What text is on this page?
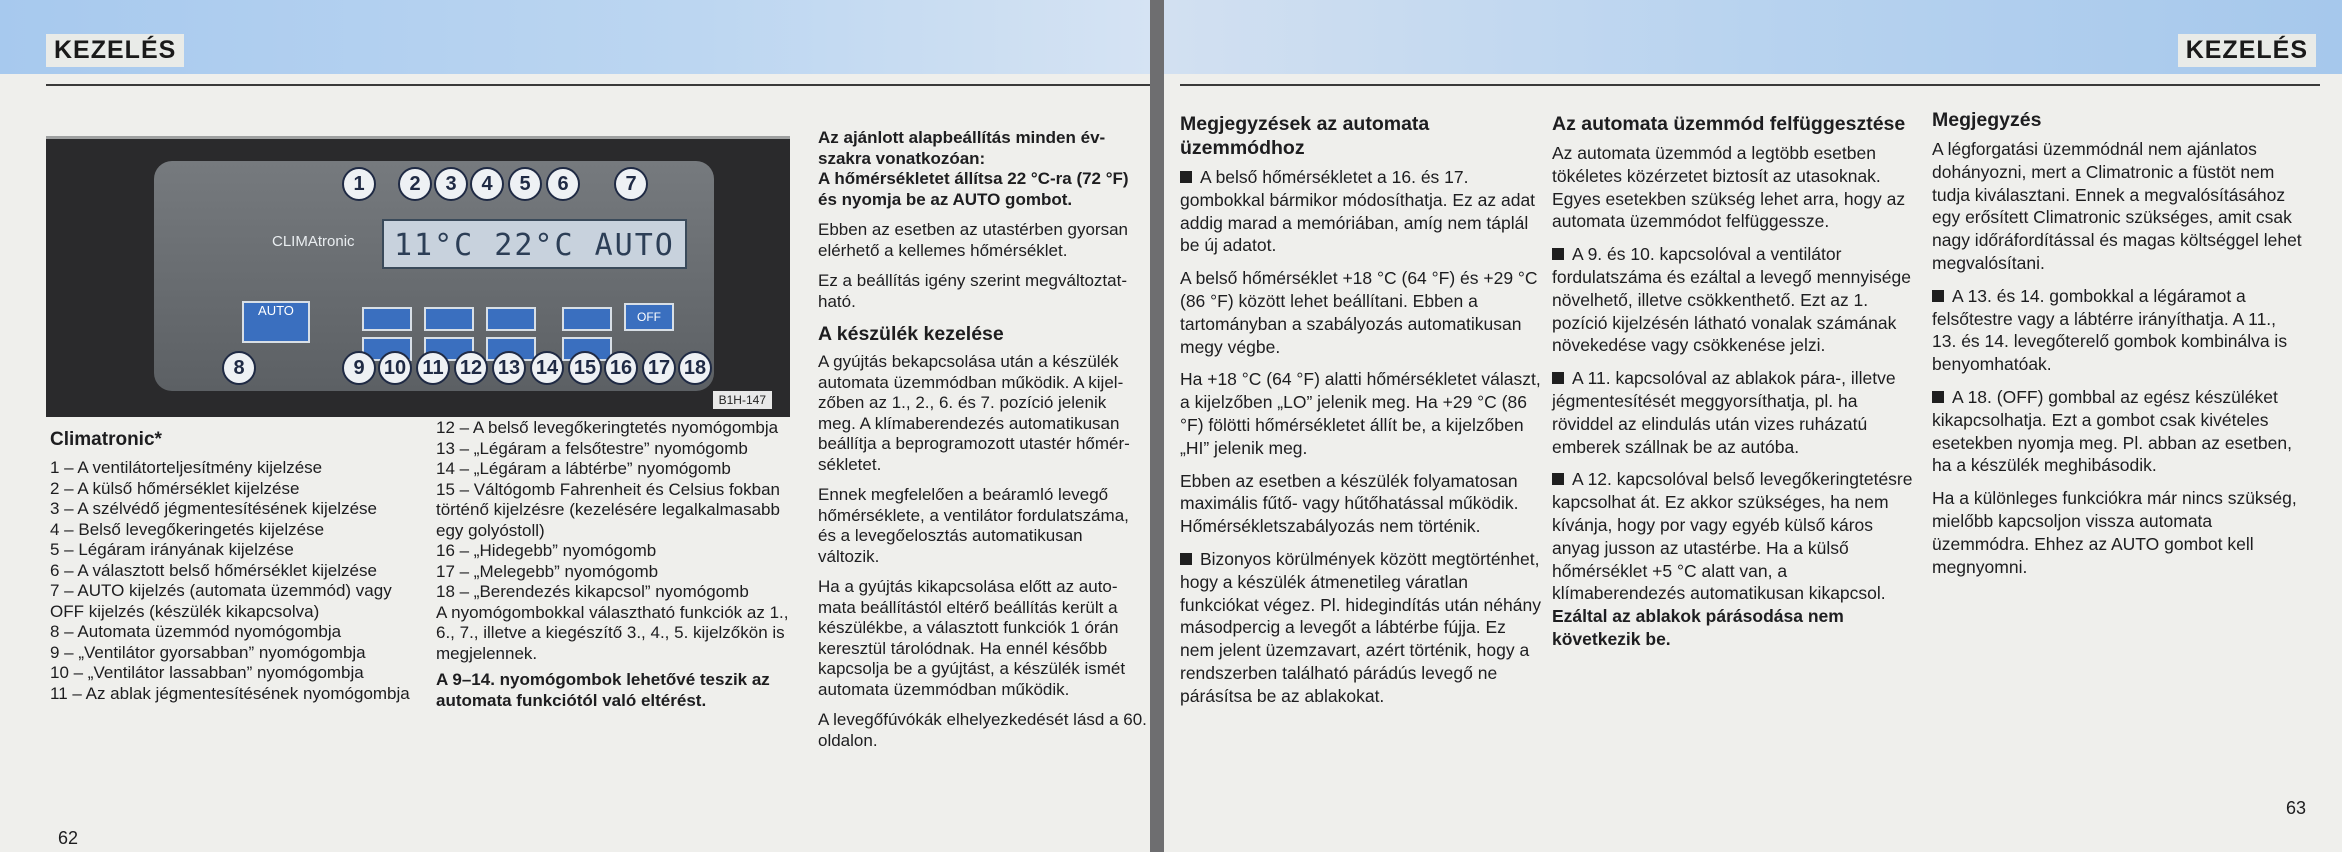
KEZELÉS
CLIMAtronic	11°C 22°C AUTO
AUTO	OFF
1	2	3	4	5	6	7
8	9 10 11 12 13 14 15 16 17 18
B1H-147
Climatronic*
1 – A ventilátorteljesítmény kijelzése
2 – A külső hőmérséklet kijelzése
3 – A szélvédő jégmentesítésének kijelzése
4 – Belső levegőkeringetés kijelzése
5 – Légáram irányának kijelzése
6 – A választott belső hőmérséklet kijelzése
7 – AUTO kijelzés (automata üzemmód) vagy OFF kijelzés (készülék kikapcsolva)
8 – Automata üzemmód nyomógombja
9 – „Ventilátor gyorsabban” nyomógombja
10 – „Ventilátor lassabban” nyomógombja
11 – Az ablak jégmentesítésének nyomógombja
12 – A belső levegőkeringtetés nyomógombja
13 – „Légáram a felsőtestre” nyomógomb
14 – „Légáram a lábtérbe” nyomógomb
15 – Váltógomb Fahrenheit és Celsius fokban történő kijelzésre (kezelésére legalkalmasabb egy golyóstoll)
16 – „Hidegebb” nyomógomb
17 – „Melegebb” nyomógomb
18 – „Berendezés kikapcsol” nyomógomb

A nyomógombokkal választható funkciók az 1., 6., 7., illetve a kiegészítő 3., 4., 5. kijelzőkön is megjelennek.

A 9–14. nyomógombok lehetővé teszik az automata funkciótól való eltérést.

Az ajánlott alapbeállítás minden évszakra vonatkozóan:

A hőmérsékletet állítsa 22 °C-ra (72 °F) és nyomja be az AUTO gombot.

Ebben az esetben az utastérben gyorsan elérhető a kellemes hőmérséklet.

Ez a beállítás igény szerint megváltoztatható.

A készülék kezelése

A gyújtás bekapcsolása után a készülék automata üzemmódban működik. A kijelzőben az 1., 2., 6. és 7. pozíció jelenik meg. A klímaberendezés automatikusan beállítja a beprogramozott utastér hőmérsékletet.

Ennek megfelelően a beáramló levegő hőmérséklete, a ventilátor fordulatszáma, és a levegőelosztás automatikusan változik.

Ha a gyújtás kikapcsolása előtt az automata beállítástól eltérő beállítás került a készülékbe, a választott funkciók 1 órán keresztül tárolódnak. Ha ennél később kapcsolja be a gyújtást, a készülék ismét automata üzemmódban működik.

A levegőfúvókák elhelyezkedését lásd a 60. oldalon.

62
KEZELÉS
Megjegyzések az automata üzemmódhoz

A belső hőmérsékletet a 16. és 17. gombokkal bármikor módosíthatja. Ez az adat addig marad a memóriában, amíg nem táplál be új adatot.

A belső hőmérséklet +18 °C (64 °F) és +29 °C (86 °F) között lehet beállítani. Ebben a tartományban a szabályozás automatikusan megy végbe.

Ha +18 °C (64 °F) alatti hőmérsékletet választ, a kijelzőben „LO” jelenik meg. Ha +29 °C (86 °F) fölötti hőmérsékletet állít be, a kijelzőben „HI” jelenik meg.

Ebben az esetben a készülék folyamatosan maximális fűtő- vagy hűtőhatással működik. Hőmérsékletszabályozás nem történik.

Bizonyos körülmények között megtörténhet, hogy a készülék átmenetileg váratlan funkciókat végez. Pl. hidegindítás után néhány másodpercig a levegőt a lábtérbe fújja. Ez nem jelent üzemzavart, azért történik, hogy a rendszerben található párádús levegő ne párásítsa be az ablakokat.

Az automata üzemmód felfüggesztése

Az automata üzemmód a legtöbb esetben tökéletes közérzetet biztosít az utasoknak. Egyes esetekben szükség lehet arra, hogy az automata üzemmódot felfüggessze.

A 9. és 10. kapcsolóval a ventilátor fordulatszáma és ezáltal a levegő mennyisége növelhető, illetve csökkenthető. Ezt az 1. pozíció kijelzésén látható vonalak számának növekedése vagy csökkenése jelzi.

A 11. kapcsolóval az ablakok pára-, illetve jégmentesítését meggyorsíthatja, pl. ha röviddel az elindulás után vizes ruházatú emberek szállnak be az autóba.

A 12. kapcsolóval belső levegőkeringtetésre kapcsolhat át. Ez akkor szükséges, ha nem kívánja, hogy por vagy egyéb külső káros anyag jusson az utastérbe. Ha a külső hőmérséklet +5 °C alatt van, a klímaberendezés automatikusan kikapcsol. Ezáltal az ablakok párásodása nem következik be.

Megjegyzés

A légforgatási üzemmódnál nem ajánlatos dohányozni, mert a Climatronic a füstöt nem tudja kiválasztani. Ennek a megvalósításához egy erősített Climatronic szükséges, amit csak nagy időráfordítással és magas költséggel lehet megvalósítani.

A 13. és 14. gombokkal a légáramot a felsőtestre vagy a lábtérre irányíthatja. A 11., 13. és 14. levegőterelő gombok kombinálva is benyomhatóak.

A 18. (OFF) gombbal az egész készüléket kikapcsolhatja. Ezt a gombot csak kivételes esetekben nyomja meg. Pl. abban az esetben, ha a készülék meghibásodik.

Ha a különleges funkciókra már nincs szükség, mielőbb kapcsoljon vissza automata üzemmódra. Ehhez az AUTO gombot kell megnyomni.

63
